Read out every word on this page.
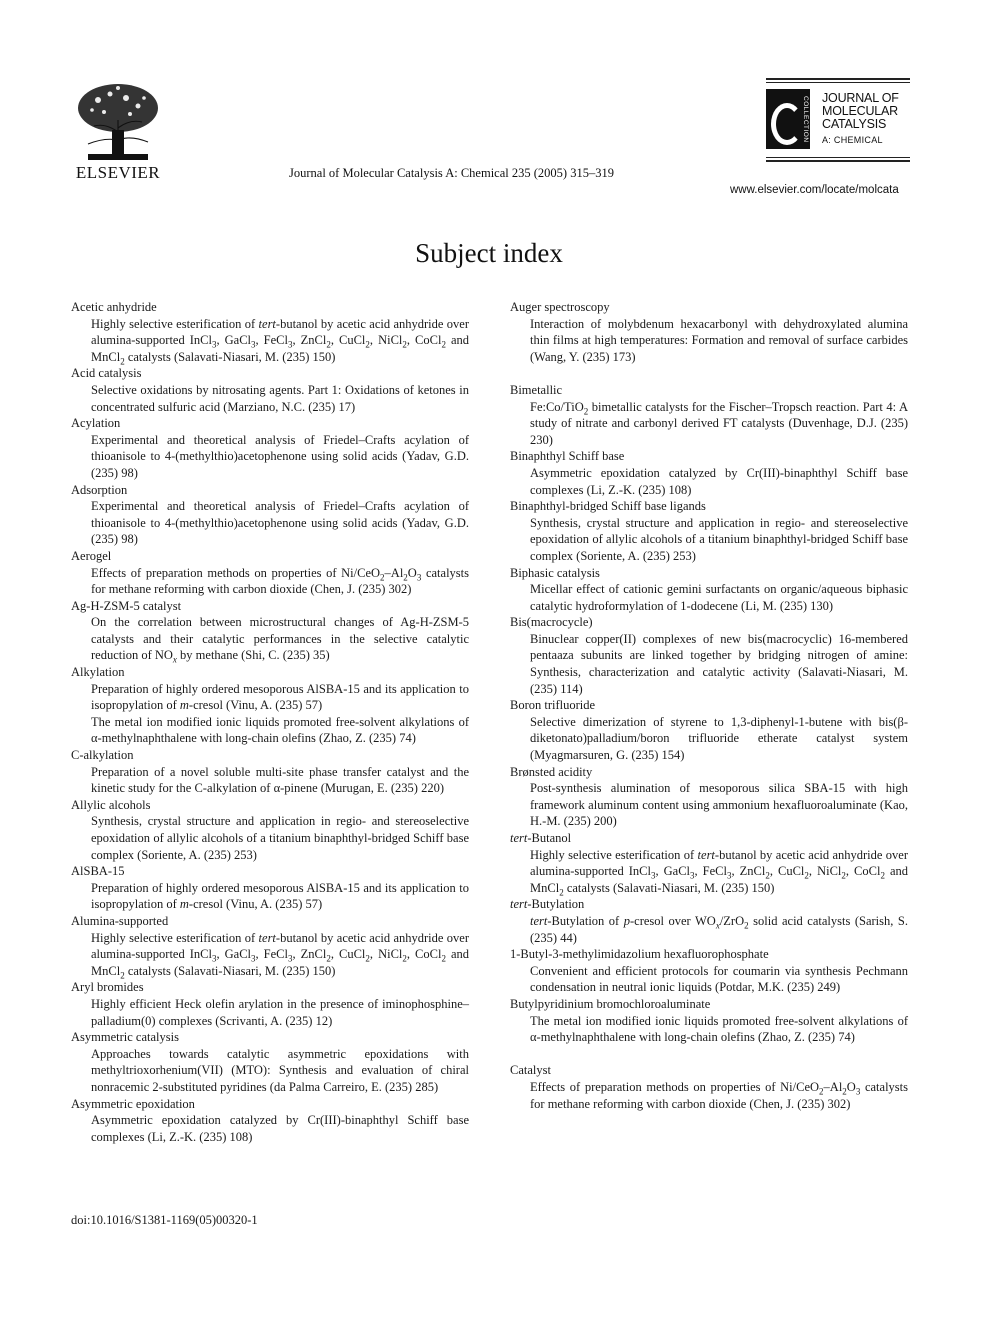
ELSEVIER	Journal of Molecular Catalysis A: Chemical 235 (2005) 315–319
COLLECTION JOURNAL OF
MOLECULAR
CATALYSIS
A: CHEMICAL
www.elsevier.com/locate/molcata
Subject index
Acetic anhydride
Highly selective esterification of tert-butanol by acetic acid anhydride over alumina-supported InCl$_3$, GaCl$_3$, FeCl$_3$, ZnCl$_2$, CuCl$_2$, NiCl$_2$, CoCl$_2$ and MnCl$_2$ catalysts (Salavati-Niasari, M. (235) 150)
Acid catalysis
Selective oxidations by nitrosating agents. Part 1: Oxidations of ketones in concentrated sulfuric acid (Marziano, N.C. (235) 17)
Acylation
Experimental and theoretical analysis of Friedel–Crafts acylation of thioanisole to 4-(methylthio)acetophenone using solid acids (Yadav, G.D. (235) 98)
Adsorption
Experimental and theoretical analysis of Friedel–Crafts acylation of thioanisole to 4-(methylthio)acetophenone using solid acids (Yadav, G.D. (235) 98)
Aerogel
Effects of preparation methods on properties of $Ni/CeO_2-Al_2O_3$ catalysts for methane reforming with carbon dioxide (Chen, J. (235) 302)
Ag-H-ZSM-5 catalyst
On the correlation between microstructural changes of Ag-H-ZSM-5 catalysts and their catalytic performances in the selective catalytic reduction of $NO_x$ by methane (Shi, C. (235) 35)
Alkylation
Preparation of highly ordered mesoporous AlSBA-15 and its application to isopropylation of m-cresol (Vinu, A. (235) 57)
The metal ion modified ionic liquids promoted free-solvent alkylations of α-methylnaphthalene with long-chain olefins (Zhao, Z. (235) 74)
C-alkylation
Preparation of a novel soluble multi-site phase transfer catalyst and the kinetic study for the C-alkylation of α-pinene (Murugan, E. (235) 220)
Allylic alcohols
Synthesis, crystal structure and application in regio- and stereoselective epoxidation of allylic alcohols of a titanium binaphthyl-bridged Schiff base complex (Soriente, A. (235) 253)
AlSBA-15
Preparation of highly ordered mesoporous AlSBA-15 and its application to isopropylation of m-cresol (Vinu, A. (235) 57)
Alumina-supported
Highly selective esterification of tert-butanol by acetic acid anhydride over alumina-supported InCl$_3$, GaCl$_3$, FeCl$_3$, ZnCl$_2$, CuCl$_2$, NiCl$_2$, CoCl$_2$ and MnCl$_2$ catalysts (Salavati-Niasari, M. (235) 150)
Aryl bromides
Highly efficient Heck olefin arylation in the presence of iminophosphine–palladium(0) complexes (Scrivanti, A. (235) 12)
Asymmetric catalysis
Approaches towards catalytic asymmetric epoxidations with methyltrioxorhenium(VII) (MTO): Synthesis and evaluation of chiral nonracemic 2-substituted pyridines (da Palma Carreiro, E. (235) 285)
Asymmetric epoxidation
Asymmetric epoxidation catalyzed by Cr(III)-binaphthyl Schiff base complexes (Li, Z.-K. (235) 108)
Auger spectroscopy
Interaction of molybdenum hexacarbonyl with dehydroxylated alumina thin films at high temperatures: Formation and removal of surface carbides (Wang, Y. (235) 173)
Bimetallic
Fe:Co/TiO$_2$ bimetallic catalysts for the Fischer–Tropsch reaction. Part 4: A study of nitrate and carbonyl derived FT catalysts (Duvenhage, D.J. (235) 230)
Binaphthyl Schiff base
Asymmetric epoxidation catalyzed by Cr(III)-binaphthyl Schiff base complexes (Li, Z.-K. (235) 108)
Binaphthyl-bridged Schiff base ligands
Synthesis, crystal structure and application in regio- and stereoselective epoxidation of allylic alcohols of a titanium binaphthyl-bridged Schiff base complex (Soriente, A. (235) 253)
Biphasic catalysis
Micellar effect of cationic gemini surfactants on organic/aqueous biphasic catalytic hydroformylation of 1-dodecene (Li, M. (235) 130)
Bis(macrocycle)
Binuclear copper(II) complexes of new bis(macrocyclic) 16-membered pentaaza subunits are linked together by bridging nitrogen of amine: Synthesis, characterization and catalytic activity (Salavati-Niasari, M. (235) 114)
Boron trifluoride
Selective dimerization of styrene to 1,3-diphenyl-1-butene with bis(β-diketonato)palladium/boron trifluoride etherate catalyst system (Myagmarsuren, G. (235) 154)
Brønsted acidity
Post-synthesis alumination of mesoporous silica SBA-15 with high framework aluminum content using ammonium hexafluoroaluminate (Kao, H.-M. (235) 200)
tert-Butanol
Highly selective esterification of tert-butanol by acetic acid anhydride over alumina-supported InCl$_3$, GaCl$_3$, FeCl$_3$, ZnCl$_2$, CuCl$_2$, NiCl$_2$, CoCl$_2$ and MnCl$_2$ catalysts (Salavati-Niasari, M. (235) 150)
tert-Butylation
tert-Butylation of p-cresol over $WO_x/ZrO_2$ solid acid catalysts (Sarish, S. (235) 44)
1-Butyl-3-methylimidazolium hexafluorophosphate
Convenient and efficient protocols for coumarin via synthesis Pechmann condensation in neutral ionic liquids (Potdar, M.K. (235) 249)
Butylpyridinium bromochloroaluminate
The metal ion modified ionic liquids promoted free-solvent alkylations of α-methylnaphthalene with long-chain olefins (Zhao, Z. (235) 74)
Catalyst
Effects of preparation methods on properties of $Ni/CeO_2-Al_2O_3$ catalysts for methane reforming with carbon dioxide (Chen, J. (235) 302)
doi:10.1016/S1381-1169(05)00320-1
